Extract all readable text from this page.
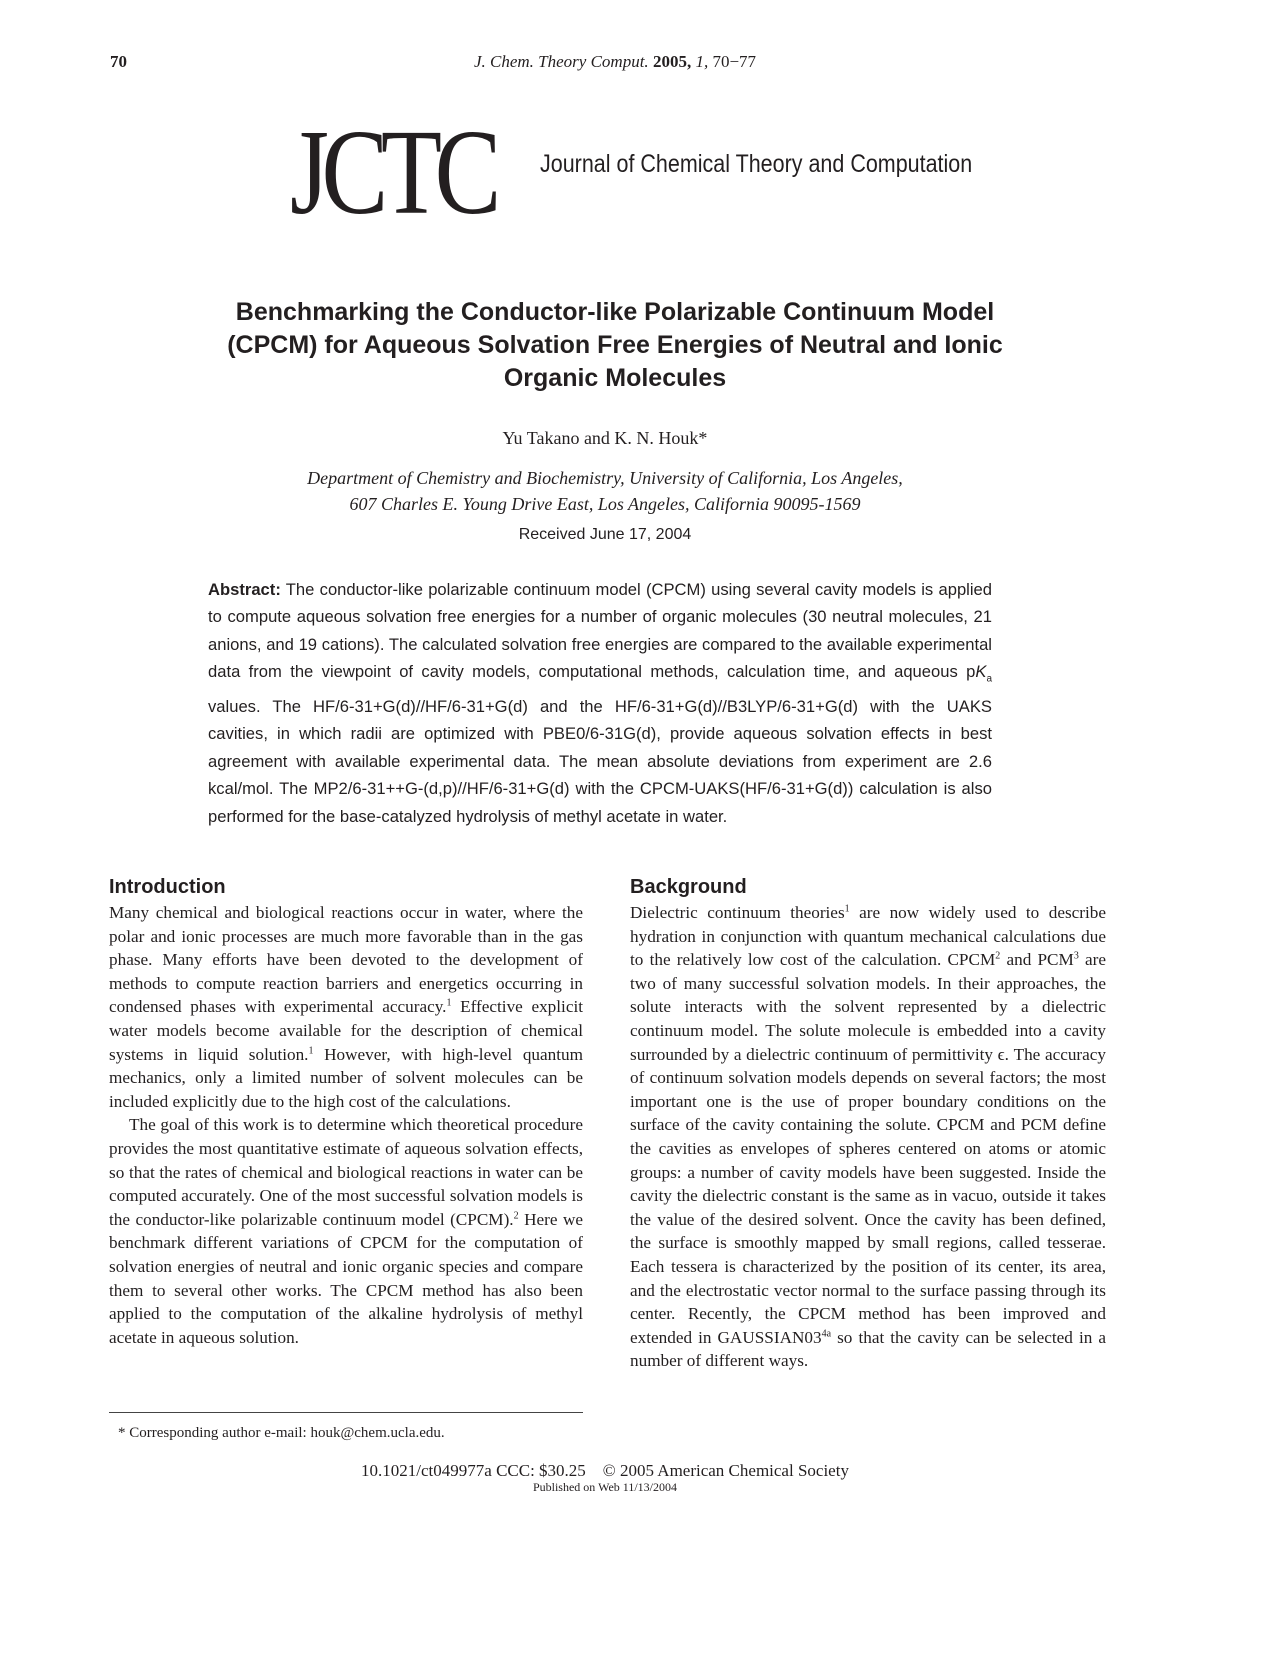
70	J. Chem. Theory Comput. 2005, 1, 70−77
JCTC Journal of Chemical Theory and Computation
Benchmarking the Conductor-like Polarizable Continuum Model (CPCM) for Aqueous Solvation Free Energies of Neutral and Ionic Organic Molecules
Yu Takano and K. N. Houk*
Department of Chemistry and Biochemistry, University of California, Los Angeles,
607 Charles E. Young Drive East, Los Angeles, California 90095-1569
Received June 17, 2004
Abstract: The conductor-like polarizable continuum model (CPCM) using several cavity models is applied to compute aqueous solvation free energies for a number of organic molecules (30 neutral molecules, 21 anions, and 19 cations). The calculated solvation free energies are compared to the available experimental data from the viewpoint of cavity models, computational methods, calculation time, and aqueous $pK_a$ values. The HF/6-31+G(d)//HF/6-31+G(d) and the HF/6-31+G(d)//B3LYP/6-31+G(d) with the UAKS cavities, in which radii are optimized with PBE0/6-31G(d), provide aqueous solvation effects in best agreement with available experimental data. The mean absolute deviations from experiment are 2.6 kcal/mol. The MP2/6-31++G-(d,p)//HF/6-31+G(d) with the CPCM-UAKS(HF/6-31+G(d)) calculation is also performed for the base-catalyzed hydrolysis of methyl acetate in water.
Introduction

Many chemical and biological reactions occur in water, where the polar and ionic processes are much more favorable than in the gas phase. Many efforts have been devoted to the development of methods to compute reaction barriers and energetics occurring in condensed phases with experimental accuracy.$^1$ Effective explicit water models become available for the description of chemical systems in liquid solution.$^1$ However, with high-level quantum mechanics, only a limited number of solvent molecules can be included explicitly due to the high cost of the calculations.

The goal of this work is to determine which theoretical procedure provides the most quantitative estimate of aqueous solvation effects, so that the rates of chemical and biological reactions in water can be computed accurately. One of the most successful solvation models is the conductor-like polarizable continuum model (CPCM).$^2$ Here we benchmark different variations of CPCM for the computation of solvation energies of neutral and ionic organic species and compare them to several other works. The CPCM method has also been applied to the computation of the alkaline hydrolysis of methyl acetate in aqueous solution.

Background

Dielectric continuum theories$^1$ are now widely used to describe hydration in conjunction with quantum mechanical calculations due to the relatively low cost of the calculation. CPCM$^2$ and PCM$^3$ are two of many successful solvation models. In their approaches, the solute interacts with the solvent represented by a dielectric continuum model. The solute molecule is embedded into a cavity surrounded by a dielectric continuum of permittivity ϵ. The accuracy of continuum solvation models depends on several factors; the most important one is the use of proper boundary conditions on the surface of the cavity containing the solute. CPCM and PCM define the cavities as envelopes of spheres centered on atoms or atomic groups: a number of cavity models have been suggested. Inside the cavity the dielectric constant is the same as in vacuo, outside it takes the value of the desired solvent. Once the cavity has been defined, the surface is smoothly mapped by small regions, called tesserae. Each tessera is characterized by the position of its center, its area, and the electrostatic vector normal to the surface passing through its center. Recently, the CPCM method has been improved and extended in $GAUSSIAN03^{4a}$ so that the cavity can be selected in a number of different ways.

* Corresponding author e-mail: houk@chem.ucla.edu.
10.1021/ct049977a CCC: $30.25    © 2005 American Chemical Society
Published on Web 11/13/2004
